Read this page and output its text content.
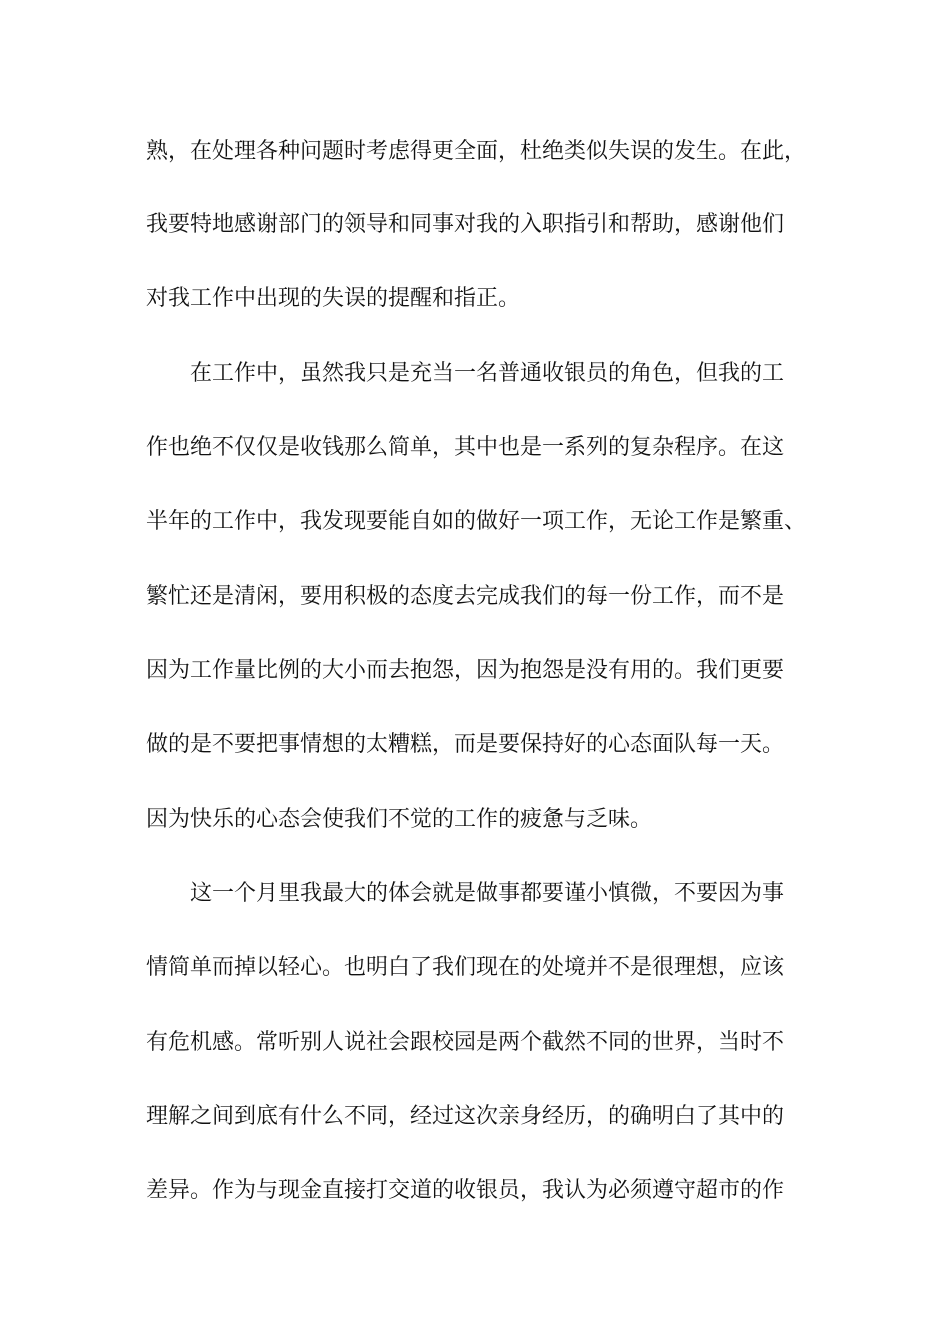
熟，在处理各种问题时考虑得更全面，杜绝类似失误的发生。在此，
我要特地感谢部门的领导和同事对我的入职指引和帮助，感谢他们
对我工作中出现的失误的提醒和指正。
在工作中，虽然我只是充当一名普通收银员的角色，但我的工
作也绝不仅仅是收钱那么简单，其中也是一系列的复杂程序。在这
半年的工作中，我发现要能自如的做好一项工作，无论工作是繁重、
繁忙还是清闲，要用积极的态度去完成我们的每一份工作，而不是
因为工作量比例的大小而去抱怨，因为抱怨是没有用的。我们更要
做的是不要把事情想的太糟糕，而是要保持好的心态面队每一天。
因为快乐的心态会使我们不觉的工作的疲惫与乏味。
这一个月里我最大的体会就是做事都要谨小慎微，不要因为事
情简单而掉以轻心。也明白了我们现在的处境并不是很理想，应该
有危机感。常听别人说社会跟校园是两个截然不同的世界，当时不
理解之间到底有什么不同，经过这次亲身经历，的确明白了其中的
差异。作为与现金直接打交道的收银员，我认为必须遵守超市的作
